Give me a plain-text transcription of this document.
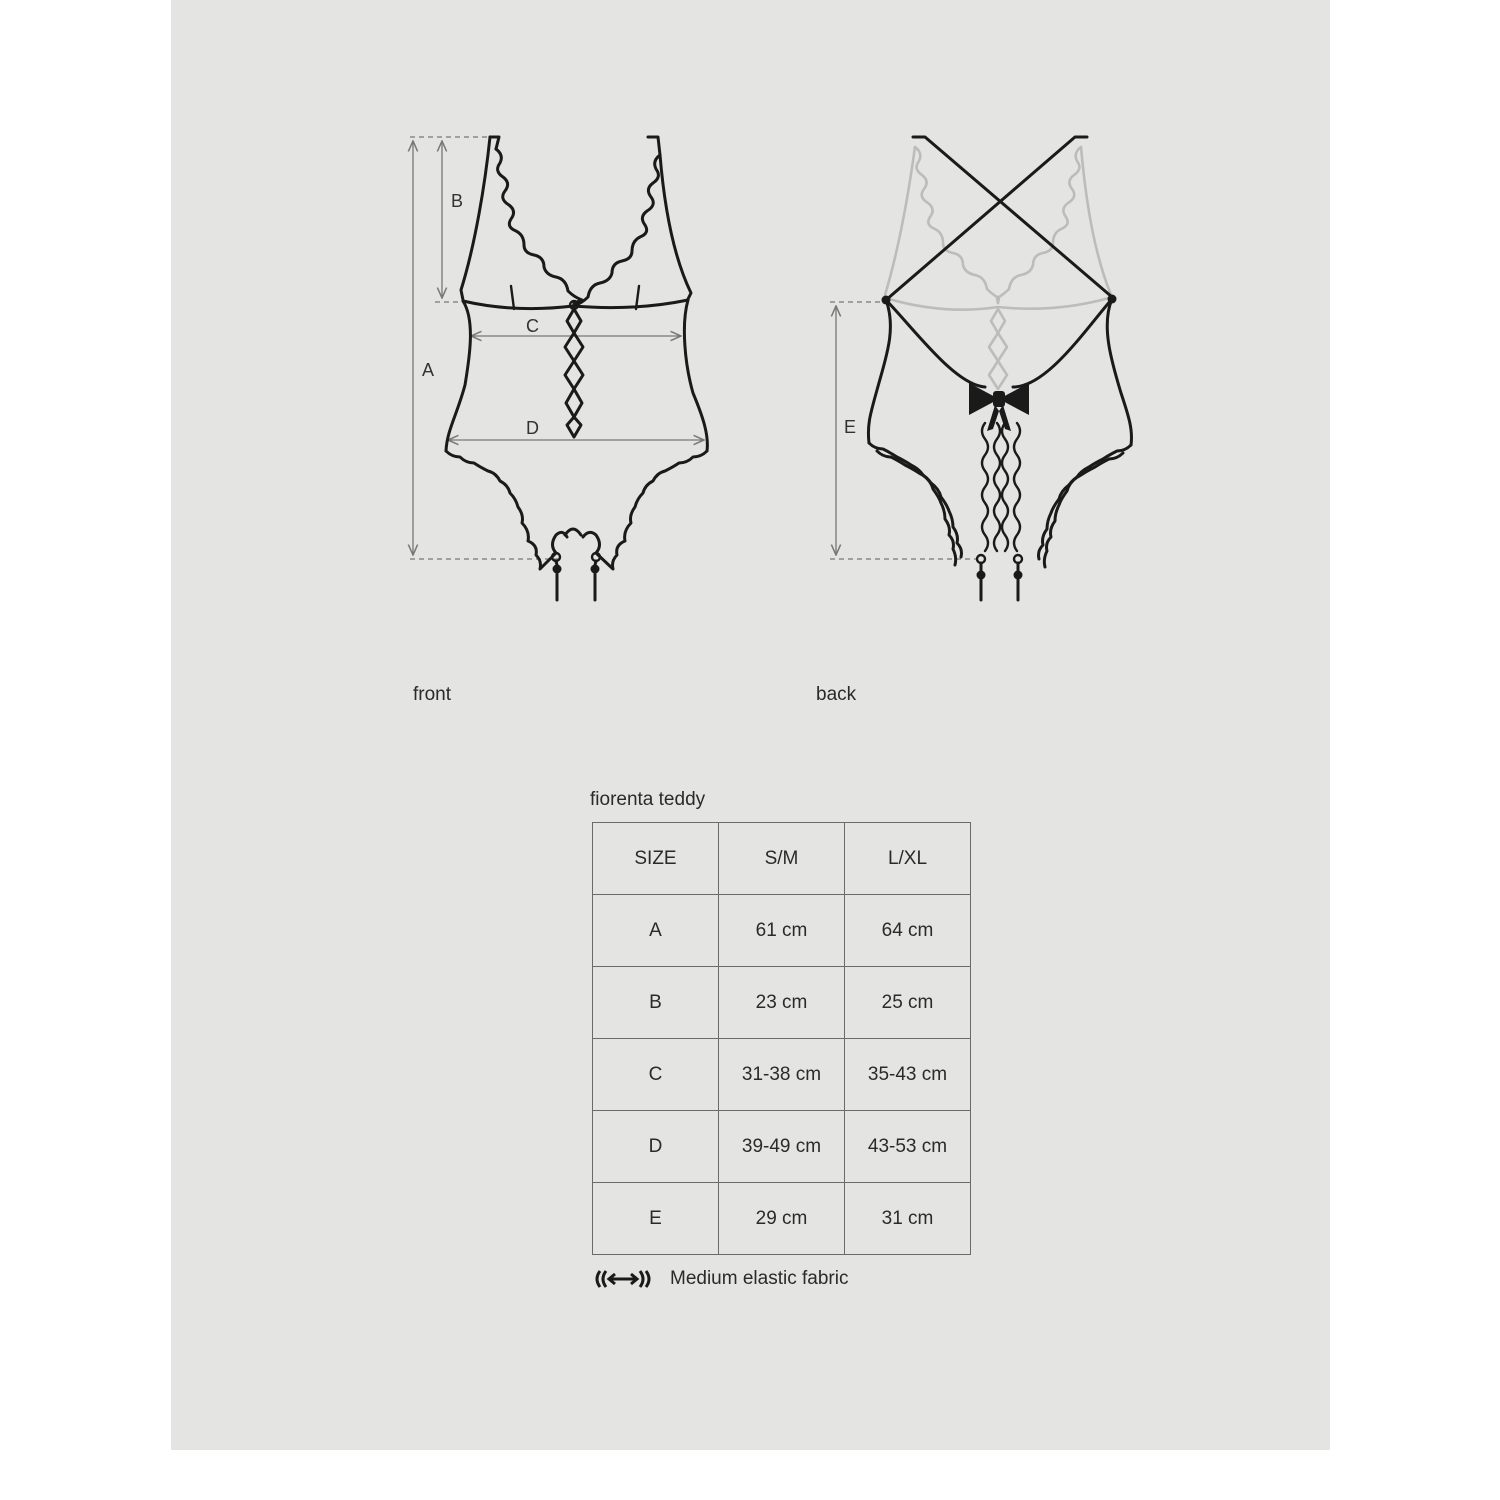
A
B
C
D	E
front	back
fiorenta teddy
SIZE	S/M	L/XL
A	61 cm	64 cm
B	23 cm	25 cm
C	31-38 cm	35-43 cm
D	39-49 cm	43-53 cm
E	29 cm	31 cm
Medium elastic fabric
